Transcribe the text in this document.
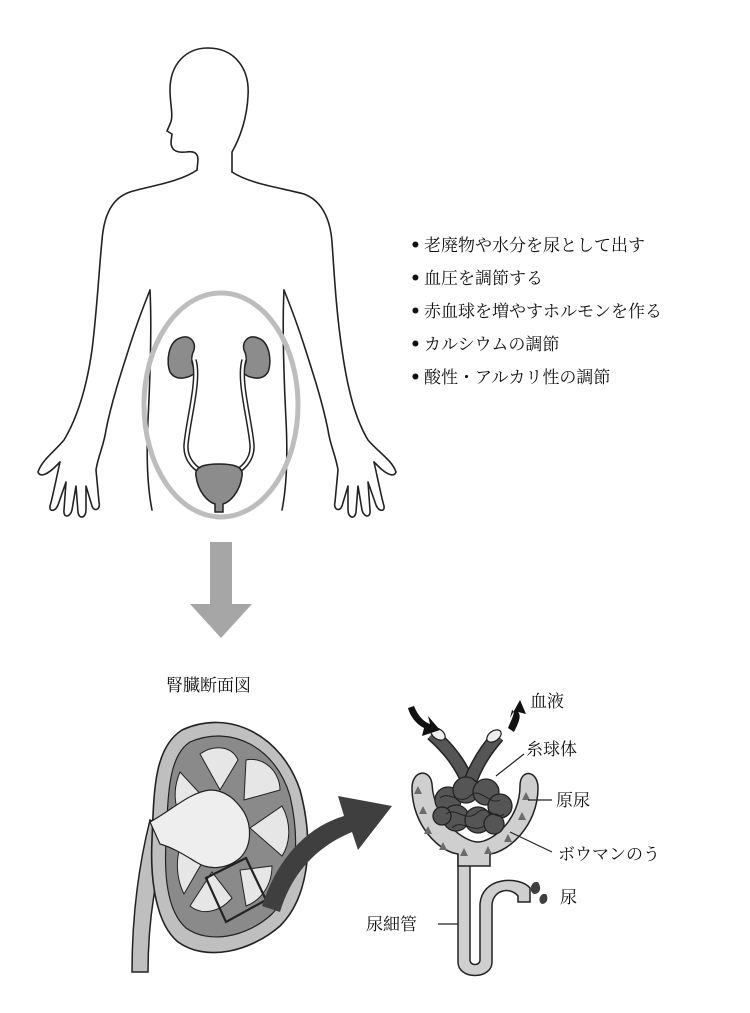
• 老廃物や水分を尿として出す
• 血圧を調節する
• 赤血球を増やすホルモンを作る
• カルシウムの調節
• 酸性・アルカリ性の調節
腎臓断面図
血液
糸球体
原尿
ボウマンのう
尿
尿細管
